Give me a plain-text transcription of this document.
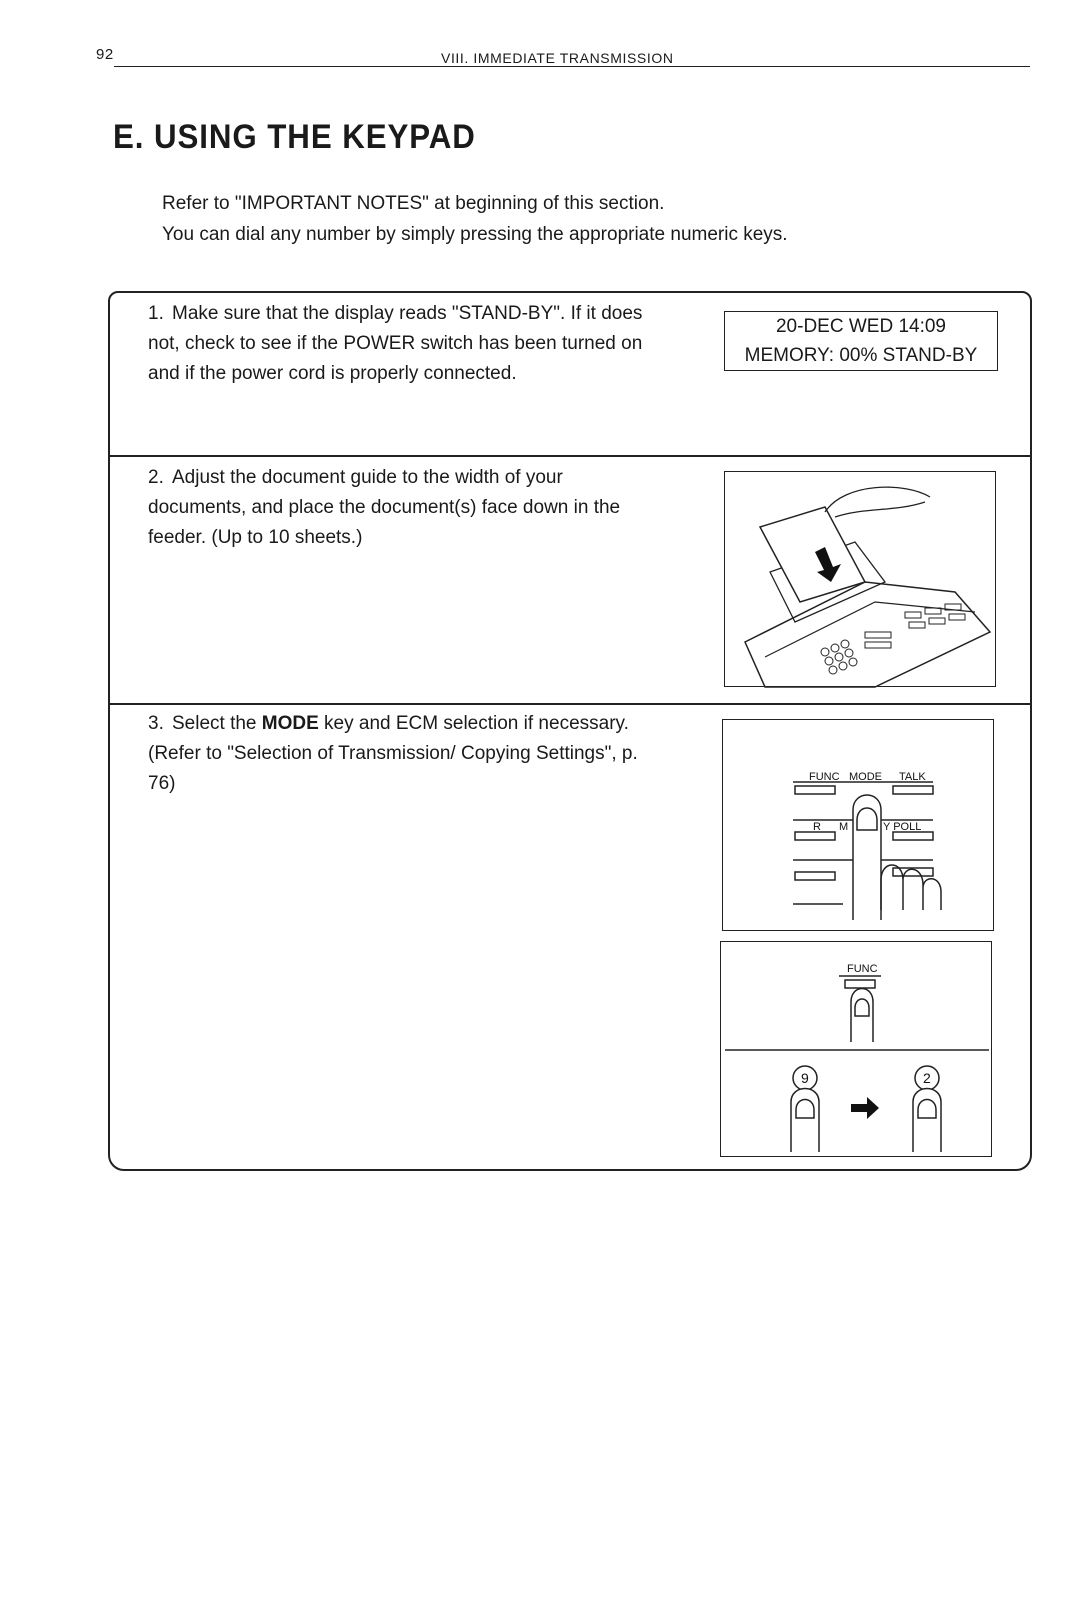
92	VIII. IMMEDIATE TRANSMISSION
E. USING THE KEYPAD

Refer to "IMPORTANT NOTES" at beginning of this section.

You can dial any number by simply pressing the appropriate numeric keys.

1. Make sure that the display reads "STAND-BY". If it does not, check to see if the POWER switch has been turned on and if the power cord is properly connected.
20-DEC WED 14:09
MEMORY: 00% STAND-BY
2. Adjust the document guide to the width of your documents, and place the document(s) face down in the feeder. (Up to 10 sheets.)
3. Select the MODE key and ECM selection if necessary. (Refer to "Selection of Transmission/ Copying Settings", p. 76)	FUNC MODE TALK
R M	Y POLL
FUNC
9	2
